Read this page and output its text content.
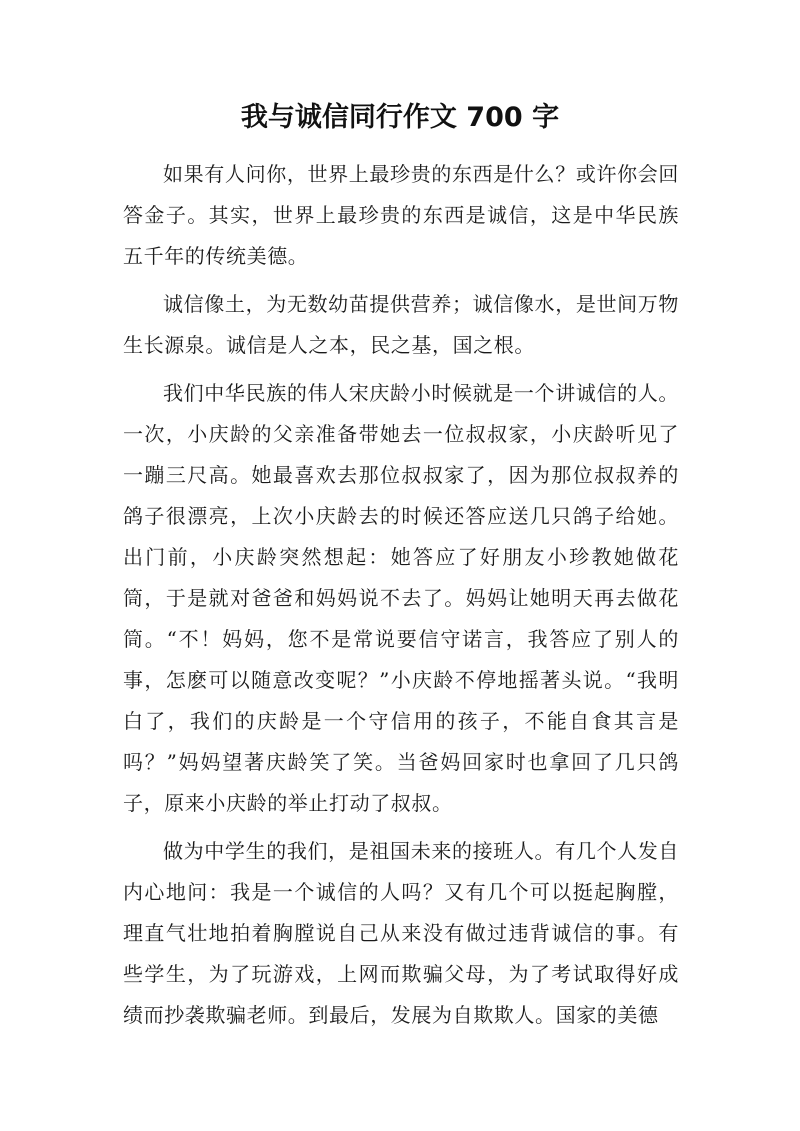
我与诚信同行作文 700 字

如果有人问你，世界上最珍贵的东西是什么？或许你会回答金子。其实，世界上最珍贵的东西是诚信，这是中华民族五千年的传统美德。

诚信像土，为无数幼苗提供营养；诚信像水，是世间万物生长源泉。诚信是人之本，民之基，国之根。

我们中华民族的伟人宋庆龄小时候就是一个讲诚信的人。一次，小庆龄的父亲准备带她去一位叔叔家，小庆龄听见了一蹦三尺高。她最喜欢去那位叔叔家了，因为那位叔叔养的鸽子很漂亮，上次小庆龄去的时候还答应送几只鸽子给她。出门前，小庆龄突然想起：她答应了好朋友小珍教她做花筒，于是就对爸爸和妈妈说不去了。妈妈让她明天再去做花筒。“不！妈妈，您不是常说要信守诺言，我答应了别人的事，怎麽可以随意改变呢？”小庆龄不停地摇著头说。“我明白了，我们的庆龄是一个守信用的孩子，不能自食其言是吗？”妈妈望著庆龄笑了笑。当爸妈回家时也拿回了几只鸽子，原来小庆龄的举止打动了叔叔。

做为中学生的我们，是祖国未来的接班人。有几个人发自内心地问：我是一个诚信的人吗？又有几个可以挺起胸膛，理直气壮地拍着胸膛说自己从来没有做过违背诚信的事。有些学生，为了玩游戏，上网而欺骗父母，为了考试取得好成绩而抄袭欺骗老师。到最后，发展为自欺欺人。国家的美德
